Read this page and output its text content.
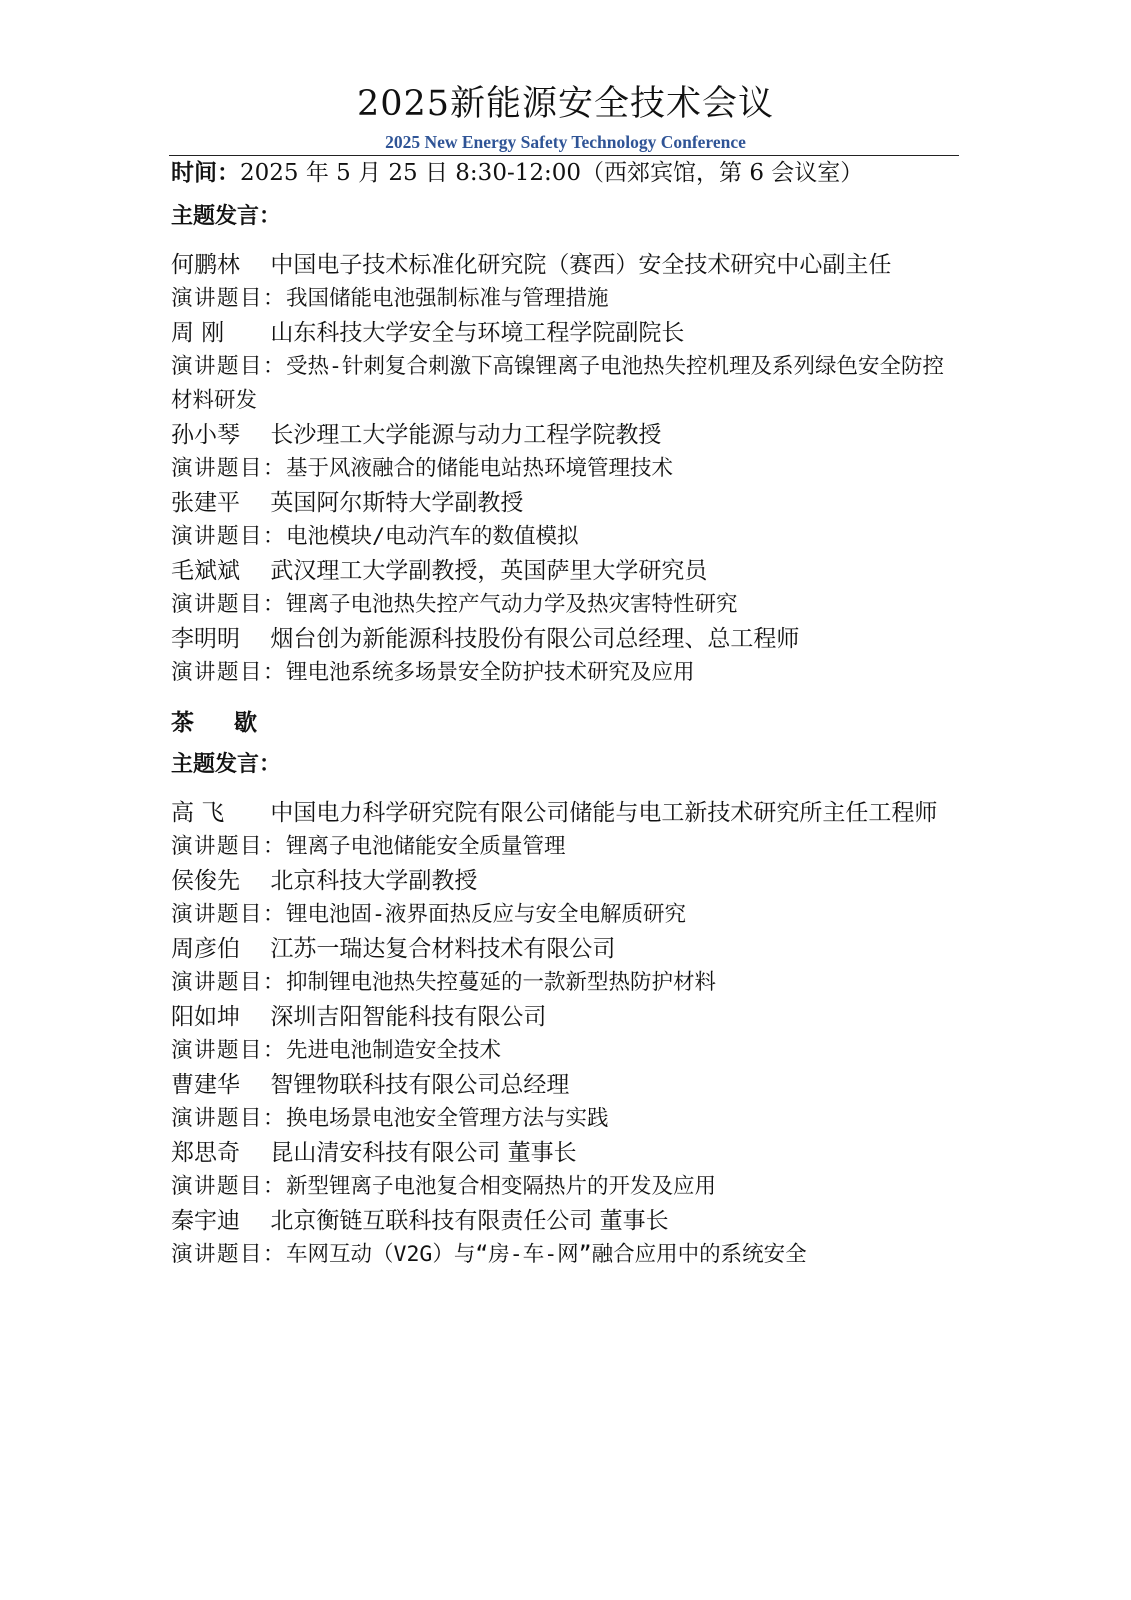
2025新能源安全技术会议
2025 New Energy Safety Technology Conference
时间：2025 年 5 月 25 日 8:30-12:00（西郊宾馆，第 6 会议室）
主题发言：
何鹏林 中国电子技术标准化研究院（赛西）安全技术研究中心副主任
演讲题目：我国储能电池强制标准与管理措施
周 刚 山东科技大学安全与环境工程学院副院长
演讲题目：受热-针刺复合刺激下高镍锂离子电池热失控机理及系列绿色安全防控材料研发
孙小琴 长沙理工大学能源与动力工程学院教授
演讲题目：基于风液融合的储能电站热环境管理技术
张建平 英国阿尔斯特大学副教授
演讲题目：电池模块/电动汽车的数值模拟
毛斌斌 武汉理工大学副教授，英国萨里大学研究员
演讲题目：锂离子电池热失控产气动力学及热灾害特性研究
李明明 烟台创为新能源科技股份有限公司总经理、总工程师
演讲题目：锂电池系统多场景安全防护技术研究及应用
茶歇
主题发言：
高 飞 中国电力科学研究院有限公司储能与电工新技术研究所主任工程师
演讲题目：锂离子电池储能安全质量管理
侯俊先 北京科技大学副教授
演讲题目：锂电池固-液界面热反应与安全电解质研究
周彦伯 江苏一瑞达复合材料技术有限公司
演讲题目：抑制锂电池热失控蔓延的一款新型热防护材料
阳如坤 深圳吉阳智能科技有限公司
演讲题目：先进电池制造安全技术
曹建华 智锂物联科技有限公司总经理
演讲题目：换电场景电池安全管理方法与实践
郑思奇 昆山清安科技有限公司 董事长
演讲题目：新型锂离子电池复合相变隔热片的开发及应用
秦宇迪 北京衡链互联科技有限责任公司 董事长
演讲题目：车网互动（V2G）与“房-车-网”融合应用中的系统安全
